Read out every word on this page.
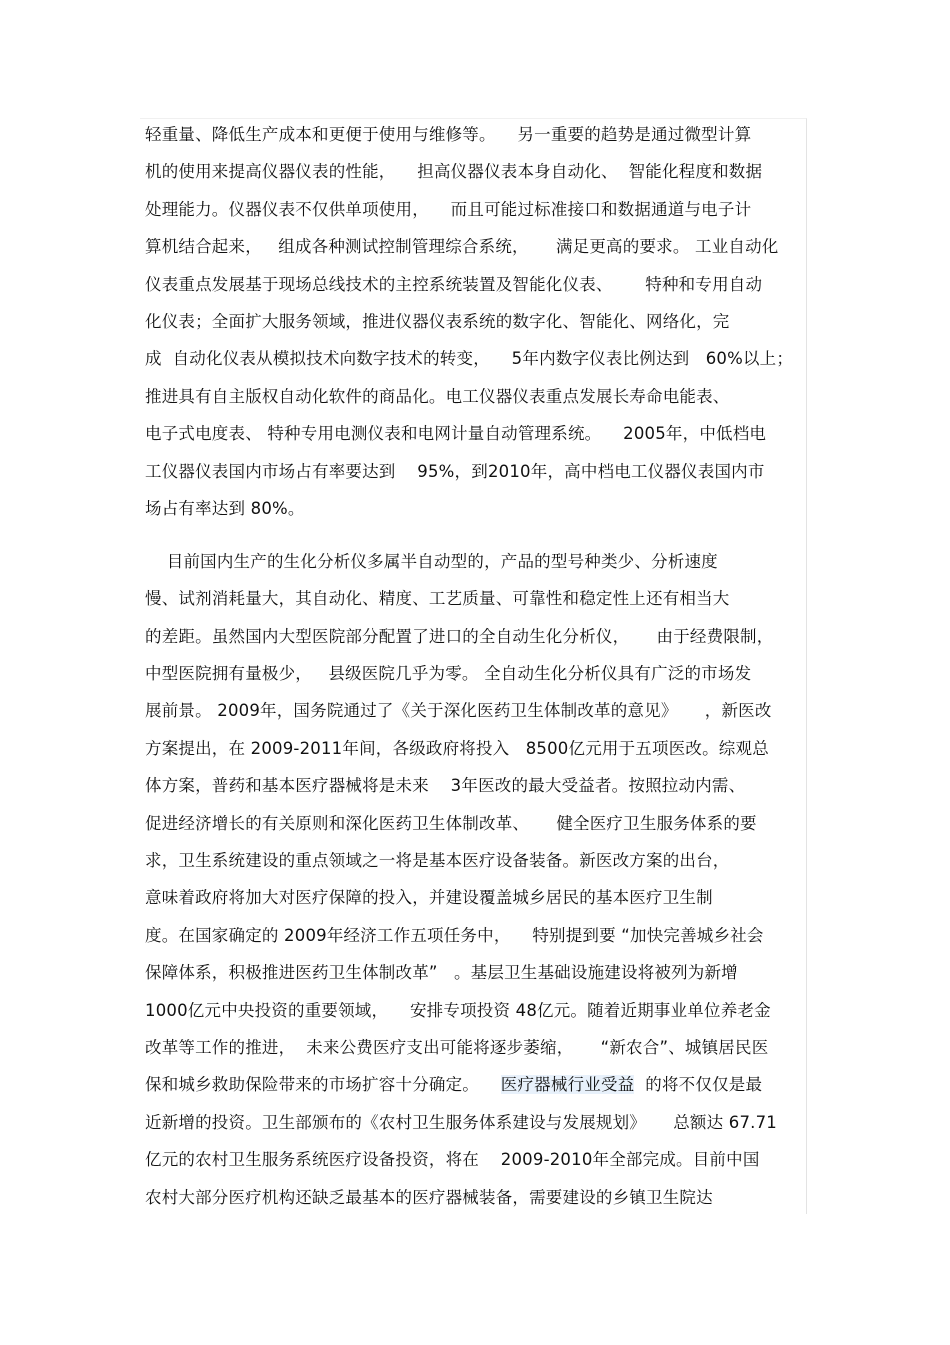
轻重量、降低生产成本和更便于使用与维修等。    另一重要的趋势是通过微型计算
机的使用来提高仪器仪表的性能，    担高仪器仪表本身自动化、  智能化程度和数据
处理能力。仪器仪表不仅供单项使用，    而且可能过标准接口和数据通道与电子计
算机结合起来，   组成各种测试控制管理综合系统，     满足更高的要求。 工业自动化
仪表重点发展基于现场总线技术的主控系统装置及智能化仪表、      特种和专用自动
化仪表；全面扩大服务领域，推进仪器仪表系统的数字化、智能化、网络化，完
成  自动化仪表从模拟技术向数字技术的转变，    5年内数字仪表比例达到   60%以上；
推进具有自主版权自动化软件的商品化。电工仪器仪表重点发展长寿命电能表、
电子式电度表、 特种专用电测仪表和电网计量自动管理系统。    2005年，中低档电
工仪器仪表国内市场占有率要达到    95%，到2010年，高中档电工仪器仪表国内市
场占有率达到 80%。
目前国内生产的生化分析仪多属半自动型的，产品的型号种类少、分析速度
慢、试剂消耗量大，其自动化、精度、工艺质量、可靠性和稳定性上还有相当大
的差距。虽然国内大型医院部分配置了进口的全自动生化分析仪，     由于经费限制，
中型医院拥有量极少，   县级医院几乎为零。 全自动生化分析仪具有广泛的市场发
展前景。 2009年，国务院通过了《关于深化医药卫生体制改革的意见》     ，新医改
方案提出，在 2009-2011年间，各级政府将投入   8500亿元用于五项医改。综观总
体方案，普药和基本医疗器械将是未来    3年医改的最大受益者。按照拉动内需、
促进经济增长的有关原则和深化医药卫生体制改革、     健全医疗卫生服务体系的要
求，卫生系统建设的重点领域之一将是基本医疗设备装备。新医改方案的出台，
意味着政府将加大对医疗保障的投入，并建设覆盖城乡居民的基本医疗卫生制
度。在国家确定的 2009年经济工作五项任务中，    特别提到要 “加快完善城乡社会
保障体系，积极推进医药卫生体制改革”   。基层卫生基础设施建设将被列为新增
1000亿元中央投资的重要领域，    安排专项投资 48亿元。随着近期事业单位养老金
改革等工作的推进，  未来公费医疗支出可能将逐步萎缩，     “新农合”、城镇居民医
保和城乡救助保险带来的市场扩容十分确定。    医疗器械行业受益  的将不仅仅是最
近新增的投资。卫生部颁布的《农村卫生服务体系建设与发展规划》     总额达 67.71
亿元的农村卫生服务系统医疗设备投资，将在    2009-2010年全部完成。目前中国
农村大部分医疗机构还缺乏最基本的医疗器械装备，需要建设的乡镇卫生院达
